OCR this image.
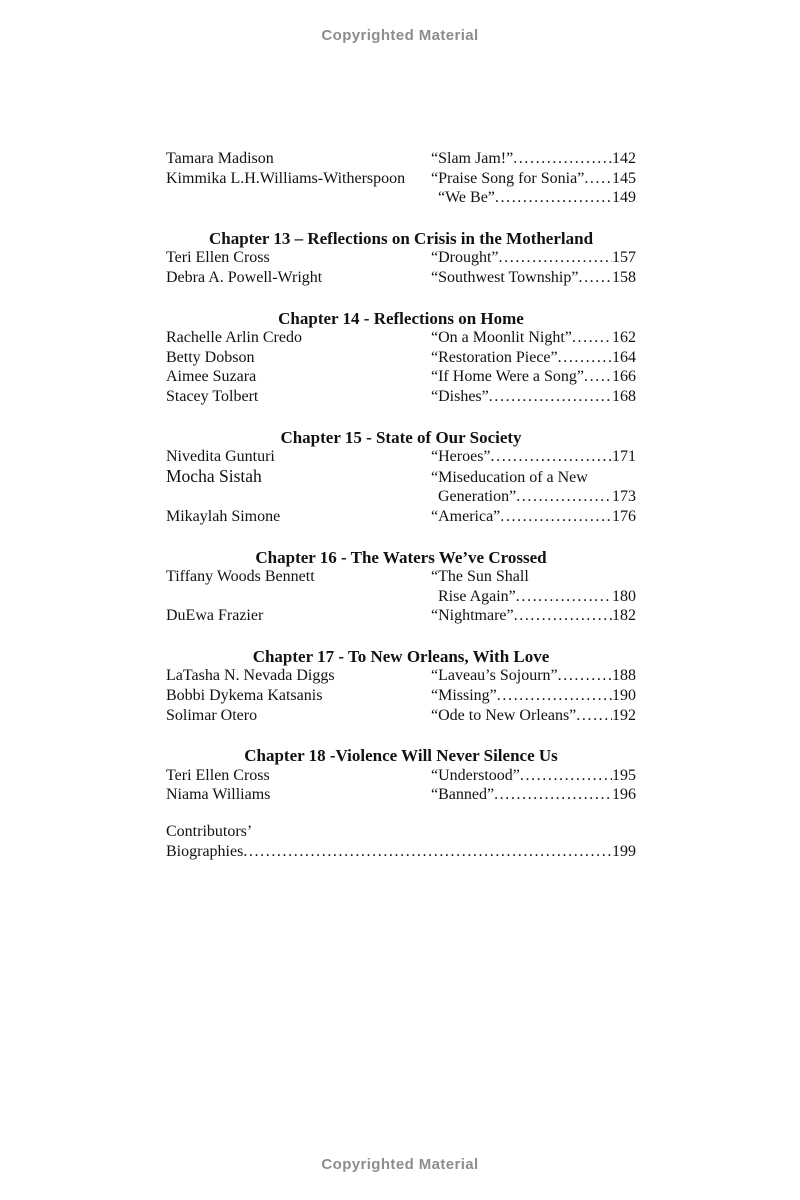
Copyrighted Material
Tamara Madison	“Slam Jam!” .....	142
Kimmika L.H.Williams-Witherspoon	“Praise Song for Sonia” ..... 145
“We Be” .....	149
Chapter 13 – Reflections on Crisis in the Motherland
Teri Ellen Cross	“Drought” .....	157
Debra A. Powell-Wright	“Southwest Township” ..... 158
Chapter 14 - Reflections on Home
Rachelle Arlin Credo	“On a Moonlit Night” .....	162
Betty Dobson	“Restoration Piece” .....	164
Aimee Suzara	“If Home Were a Song” ..... 166
Stacey Tolbert	“Dishes” .....	168
Chapter 15 - State of Our Society
Nivedita Gunturi	“Heroes” .....	171
Mocha Sistah	“Miseducation of a New
Generation” .....	173
Mikaylah Simone	“America” .....	176
Chapter 16 - The Waters We’ve Crossed
Tiffany Woods Bennett	“The Sun Shall
Rise Again” .....	180
DuEwa Frazier	“Nightmare” .....	182
Chapter 17 - To New Orleans, With Love
LaTasha N. Nevada Diggs	“Laveau’s Sojourn” .....	188
Bobbi Dykema Katsanis	“Missing” .....	190
Solimar Otero	“Ode to New Orleans” ..... 192
Chapter 18 -Violence Will Never Silence Us
Teri Ellen Cross	“Understood” .....	195
Niama Williams	“Banned” .....	196
Contributors’
Biographies .....	199
Copyrighted Material
